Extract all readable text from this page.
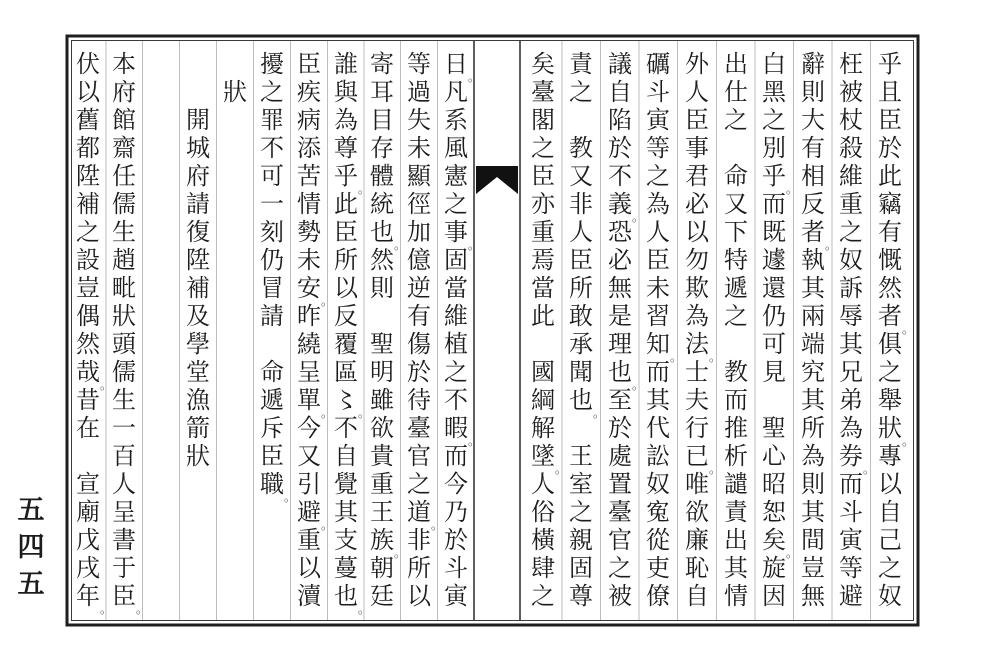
乎
且
臣
於
此
竊
有
慨
然
者 。
俱
之
舉
狀 。
專
以
自
己
之
奴
枉
被
杖
殺
維
重
之
奴
訴
辱
其
兄
弟
為
券 。
而
斗
寅
等
避
辭
則
大
有
相
反
者 。
執
其
兩
端
究
其
所
為
則
其
間
豈
無
白
黑
之
別
乎 。
而
既
遽
還
仍
可
見

聖
心
昭
恕
矣 。
旋
因
出
仕
之

命
又
下
特
遞
之

教
而
推
析
譴
責
出
其
情
外
人
臣
事
君
必
以
勿
欺
為
法 。
士
夫
行
已 。
唯
欲
廉
恥
自
礪
斗
寅
等
之
為
人
臣
未
習
知 。
而
其
代
訟
奴
寃
從
吏
僚
議
自
陷
於
不
義 。
恐
必
無
是
理
也 。
至
於
處
置
臺
官
之
被
責
之

教
又
非
人
臣
所
敢
承
聞
也 。

王
室
之
親
固
尊
矣
臺
閣
之
臣
亦
重
焉
當
此

國
綱
解
墜 。
人
俗
橫
肆
之
日 。
凡
系
風
憲
之
事 。
固
當
維
植
之
不
暇 。
而
今
乃
於
斗
寅
等
過
失
未
顯
徑
加
億
逆
有
傷
於
待
臺
官
之
道 。
非
所
以
寄
耳
目
存
體
統
也 。
然
則

聖
明
雖
欲
貴
重
王
族 。
朝
廷
誰
與
為
尊
乎 。
此
臣
所
以
反
覆
區
〻 。
不
自
覺
其
支
蔓
也 。
臣
疾
病
添
苦
情
勢
未
安 。
昨
繞
呈
單 。
今
又
引
避 。
重
以
瀆
擾
之
罪
不
可
一
刻
仍
冒
請

命
遞
斥
臣
職 。
狀
開
城
府
請
復
陞
補
及
學
堂
漁
箭
狀
本
府
館
齋
任
儒
生
趙
毗
狀
頭
儒
生
一
百
人
呈
書
于
臣 。
伏
以
舊
都
陞
補
之
設
豈
偶
然
哉 。
昔
在

宣
廟
戊
戌
年 。
五
四
五
